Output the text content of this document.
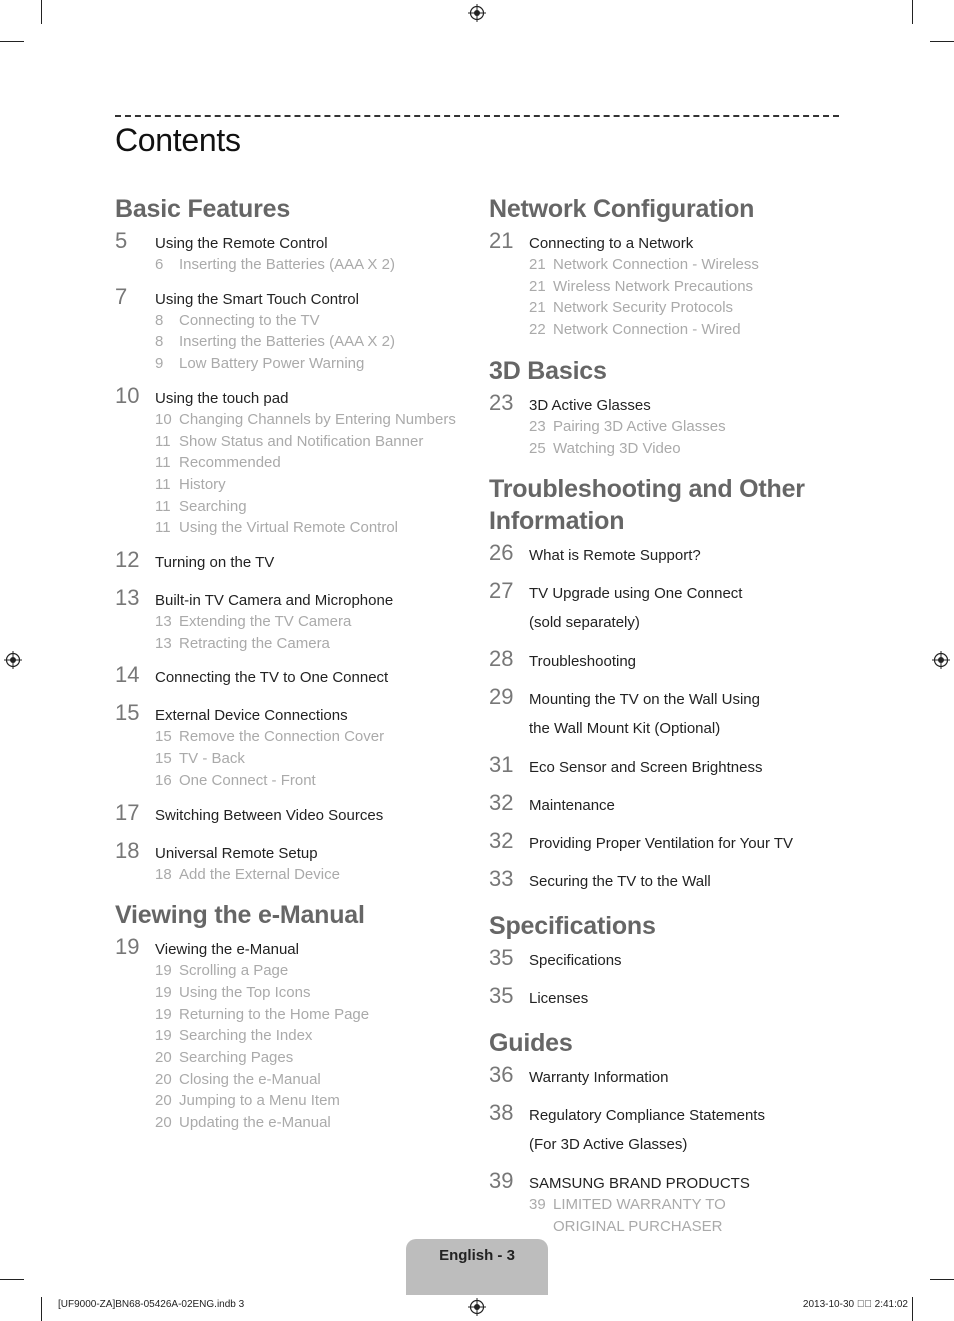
Contents
Basic Features
5	Using the Remote Control
6	Inserting the Batteries (AAA X 2)
7	Using the Smart Touch Control
8	Connecting to the TV
8	Inserting the Batteries (AAA X 2)
9	Low Battery Power Warning
10	Using the touch pad
10 Changing Channels by Entering Numbers
11 Show Status and Notification Banner
11 Recommended
11 History
11 Searching
11 Using the Virtual Remote Control
12	Turning on the TV
13	Built-in TV Camera and Microphone
13 Extending the TV Camera
13 Retracting the Camera
14	Connecting the TV to One Connect
15	External Device Connections
15 Remove the Connection Cover
15 TV - Back
16 One Connect - Front
17	Switching Between Video Sources
18	Universal Remote Setup
18 Add the External Device
Viewing the e-Manual
19	Viewing the e-Manual
19 Scrolling a Page
19 Using the Top Icons
19 Returning to the Home Page
19 Searching the Index
20 Searching Pages
20 Closing the e-Manual
20 Jumping to a Menu Item
20 Updating the e-Manual
Network Configuration
21	Connecting to a Network
21 Network Connection - Wireless
21 Wireless Network Precautions
21 Network Security Protocols
22 Network Connection - Wired
3D Basics
23	3D Active Glasses
23 Pairing 3D Active Glasses
25 Watching 3D Video
Troubleshooting and Other Information
26	What is Remote Support?
27	TV Upgrade using One Connect
(sold separately)
28	Troubleshooting
29	Mounting the TV on the Wall Using
the Wall Mount Kit (Optional)
31	Eco Sensor and Screen Brightness
32	Maintenance
32	Providing Proper Ventilation for Your TV
33	Securing the TV to the Wall
Specifications
35	Specifications
35	Licenses
Guides
36	Warranty Information
38	Regulatory Compliance Statements
(For 3D Active Glasses)
39	SAMSUNG BRAND PRODUCTS
39 LIMITED WARRANTY TO
ORIGINAL PURCHASER
English - 3
[UF9000-ZA]BN68-05426A-02ENG.indb 3	2013-10-30    2:41:02
